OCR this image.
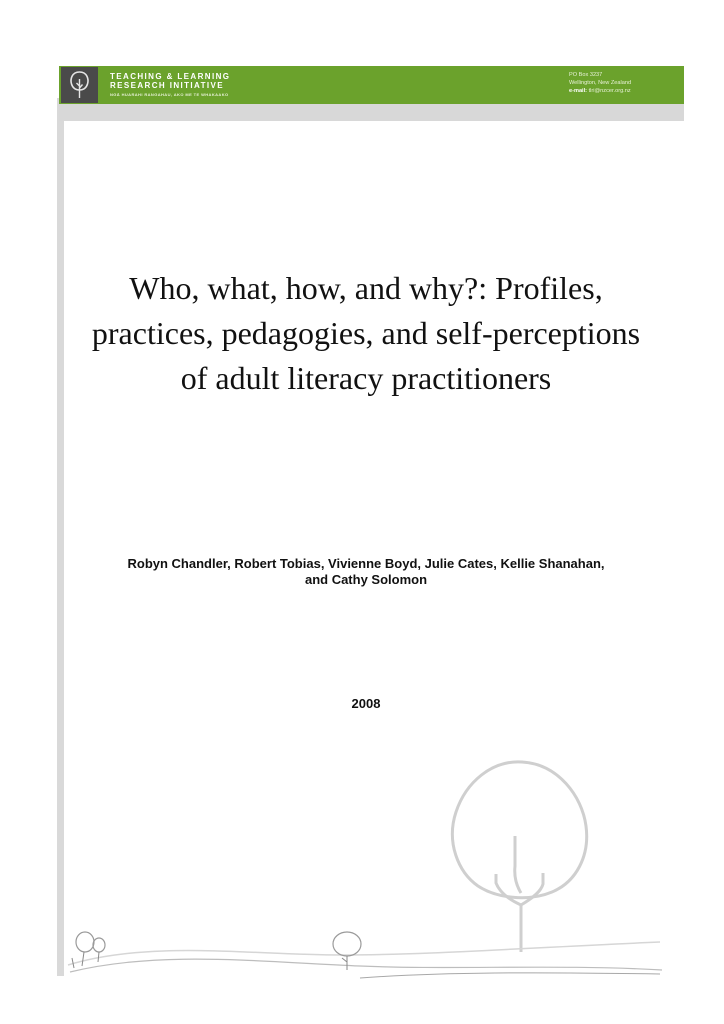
TEACHING & LEARNING
RESEARCH INITIATIVE
NGĀ HUARAHI RANGAHAU, AKO ME TE WHAKAAKO
PO Box 3237
Wellington, New Zealand
e-mail: tlri@nzcer.org.nz
Who, what, how, and why?: Profiles,
practices, pedagogies, and self-perceptions
of adult literacy practitioners
Robyn Chandler, Robert Tobias, Vivienne Boyd, Julie Cates, Kellie Shanahan,
and Cathy Solomon
2008
